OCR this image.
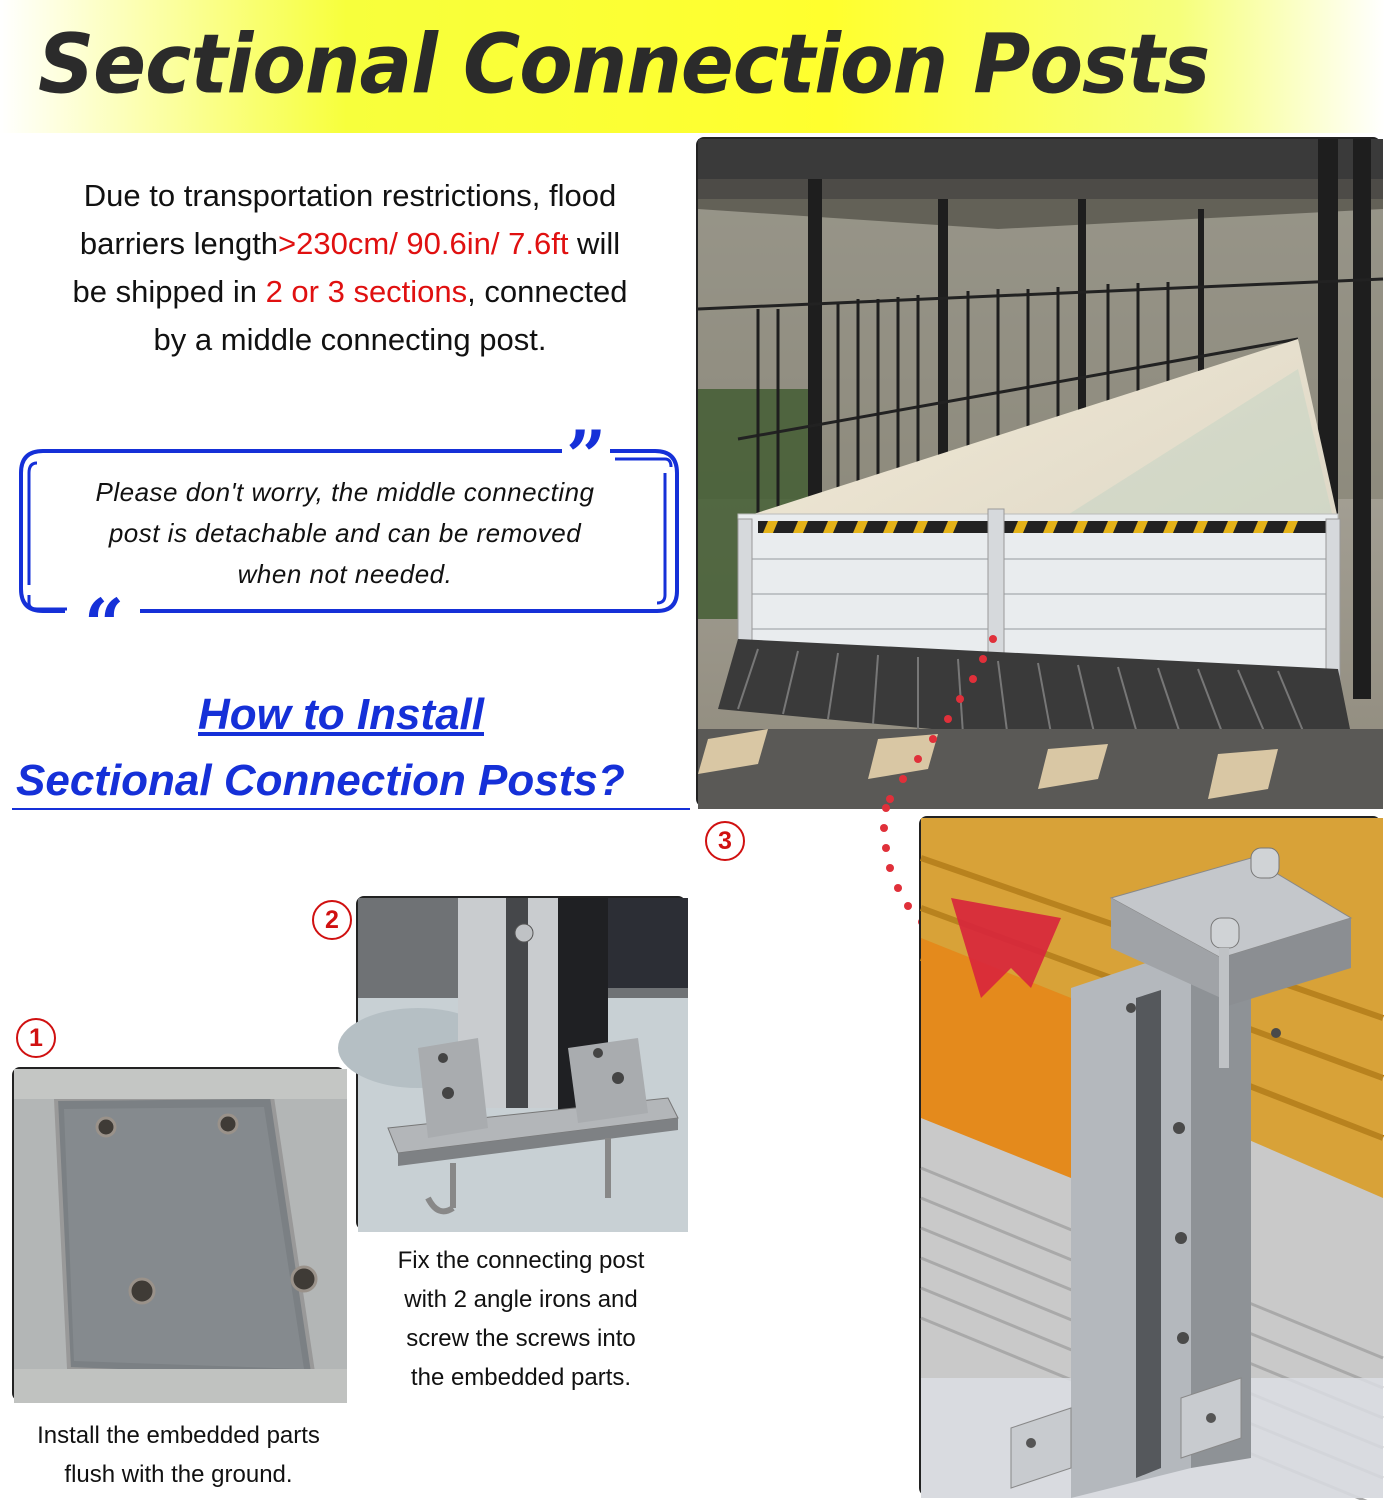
Sectional Connection Posts
Due to transportation restrictions, flood
barriers length>230cm/ 90.6in/ 7.6ft will
be shipped in 2 or 3 sections, connected
by a middle connecting post.
”
“
Please don't worry, the middle connecting
post is detachable and can be removed
when not needed.
How to Install
Sectional Connection Posts?
3
2
Fix the connecting post
with 2 angle irons and
screw the screws into
the embedded parts.
1
Install the embedded parts
flush with the ground.
